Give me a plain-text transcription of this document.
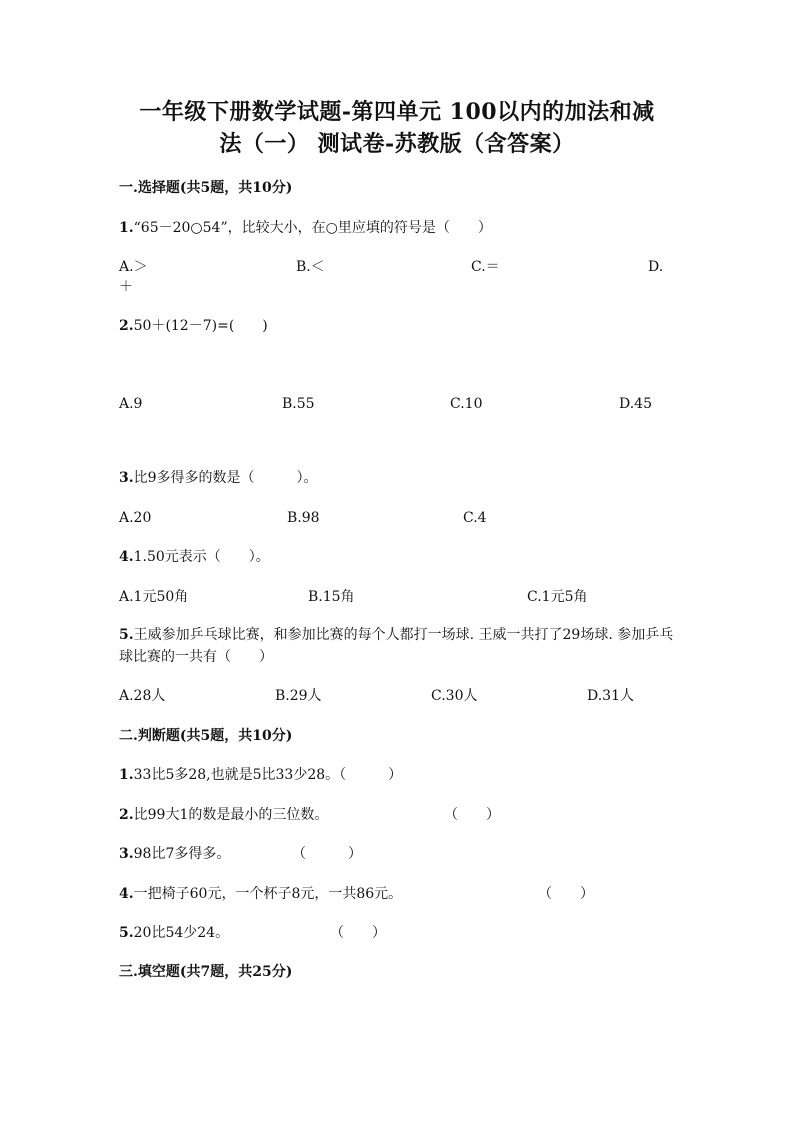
一年级下册数学试题-第四单元 100以内的加法和减
法（一） 测试卷-苏教版（含答案）
一.选择题(共5题，共10分)
1.“65－20○54”，比较大小，在○里应填的符号是（　　）
A.＞	B.＜	C.＝	D.
＋
2.50＋(12－7)=(　　)
A.9	B.55	C.10	D.45
3.比9多得多的数是（　　　）。
A.20	B.98	C.4
4.1.50元表示（　　）。
A.1元50角	B.15角	C.1元5角
5.王威参加乒乓球比赛，和参加比赛的每个人都打一场球. 王威一共打了29场球. 参加乒乓球比赛的一共有（　　）
A.28人	B.29人	C.30人	D.31人
二.判断题(共5题，共10分)
1.33比5多28,也就是5比33少28。（　　　）
2.比99大1的数是最小的三位数。	（　　）
3.98比7多得多。	（　　　）
4.一把椅子60元，一个杯子8元，一共86元。	（　　）
5.20比54少24。	（　　）
三.填空题(共7题，共25分)
